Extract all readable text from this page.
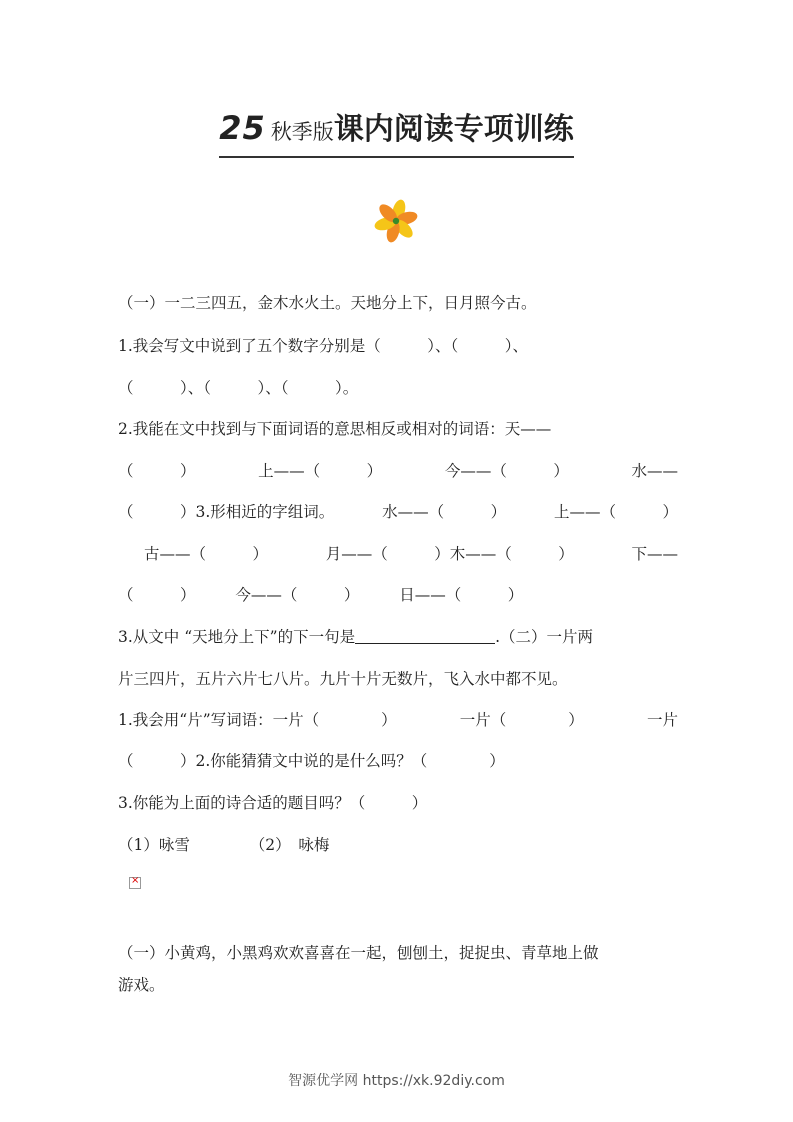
25 秋季版课内阅读专项训练
（一）一二三四五，金木水火土。天地分上下，日月照今古。
1.我会写文中说到了五个数字分别是（　　　）、（　　　）、
（　　　）、（　　　）、（　　　）。
2.我能在文中找到与下面词语的意思相反或相对的词语：天——
（　　　）	上——（　　　）	今——（　　　）	水——
（　　　）3.形相近的字组词。	水——（　　　）	上——（　　　）
古——（　　　）	月——（　　　）木——（　　　）	下——
（　　　）	今——（　　　）	日——（　　　）
3.从文中 “天地分上下”的下一句是	.（二）一片两
片三四片，五片六片七八片。九片十片无数片，飞入水中都不见。
1.我会用“片”写词语：一片（　　　　）	一片（　　　　）	一片
（　　　）2.你能猜猜文中说的是什么吗？（　　　　）
3.你能为上面的诗合适的题目吗？（　　　）
（1）咏雪	（2）　咏梅
（一）小黄鸡，小黑鸡欢欢喜喜在一起，刨刨土，捉捉虫、青草地上做
游戏。
×
智源优学网 https://xk.92diy.com
